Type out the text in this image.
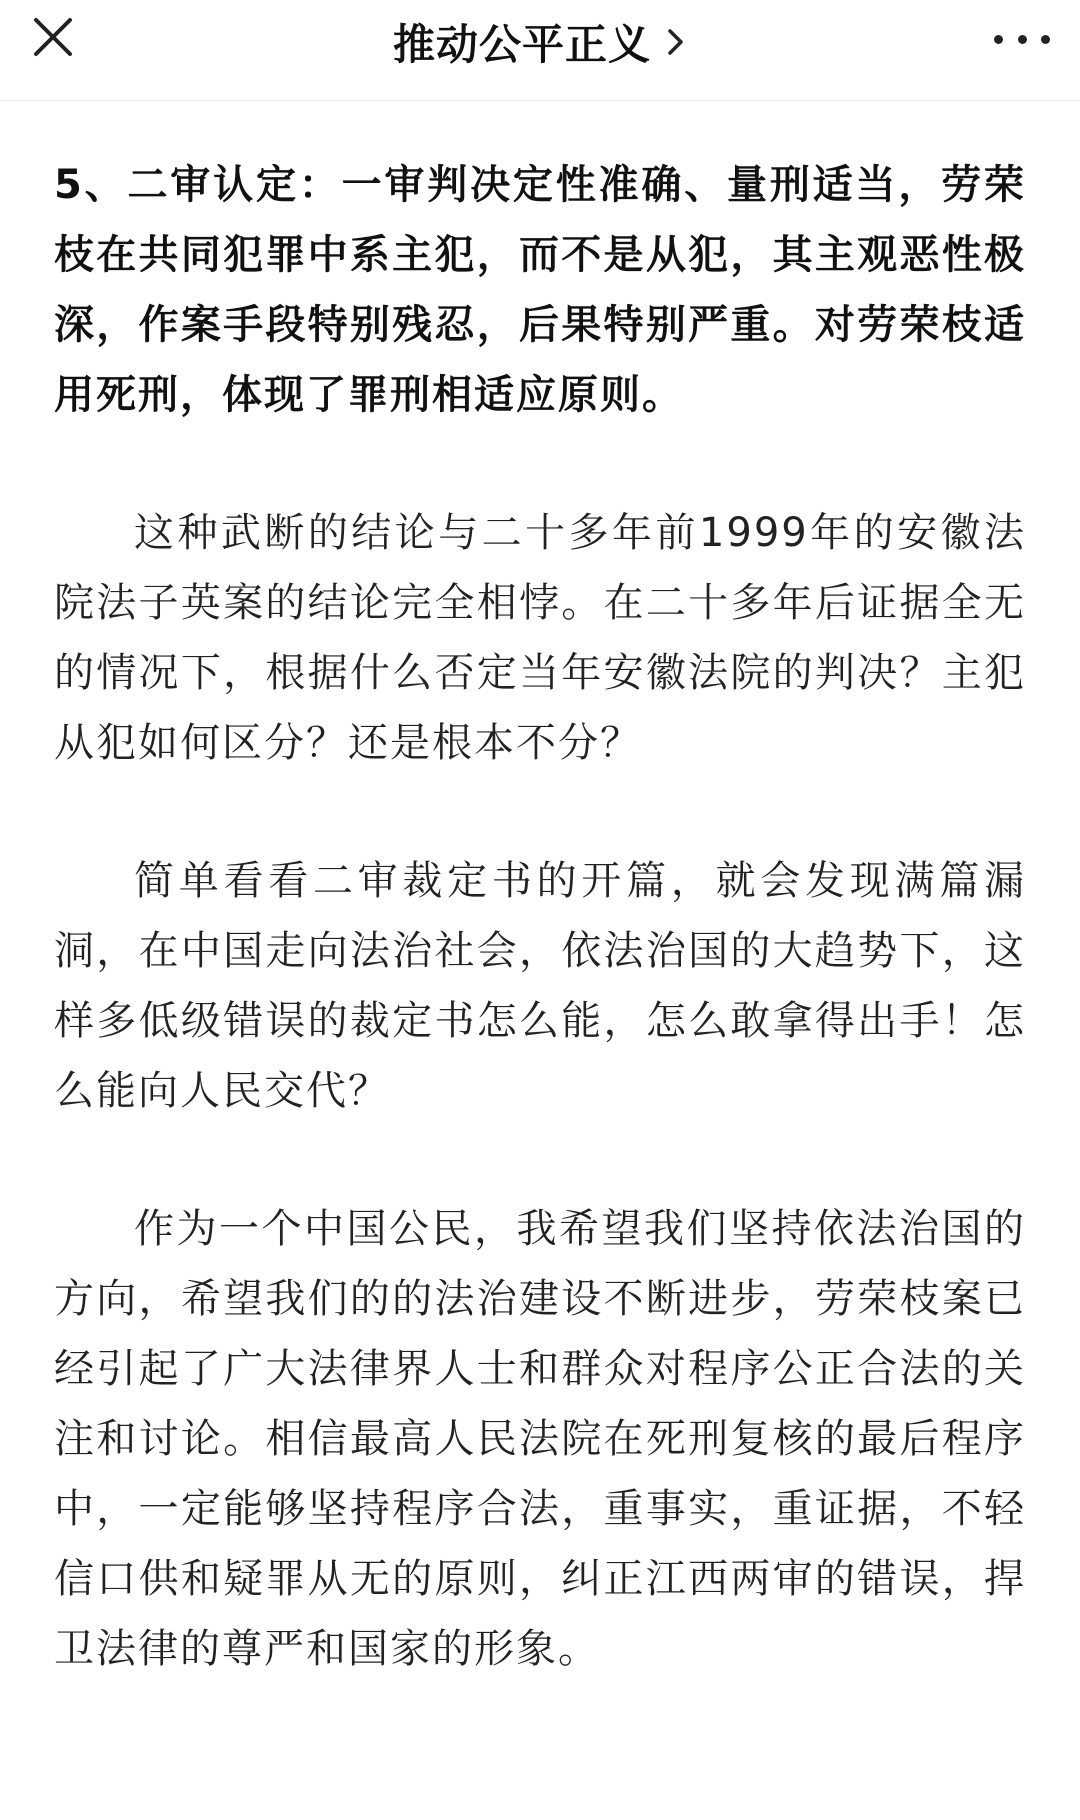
推动公平正义

5、二审认定：一审判决定性准确、量刑适当，劳荣枝在共同犯罪中系主犯，而不是从犯，其主观恶性极深，作案手段特别残忍，后果特别严重。对劳荣枝适用死刑，体现了罪刑相适应原则。

这种武断的结论与二十多年前1999年的安徽法院法子英案的结论完全相悖。在二十多年后证据全无的情况下，根据什么否定当年安徽法院的判决？主犯从犯如何区分？还是根本不分？

简单看看二审裁定书的开篇，就会发现满篇漏洞，在中国走向法治社会，依法治国的大趋势下，这样多低级错误的裁定书怎么能，怎么敢拿得出手！怎么能向人民交代？

作为一个中国公民，我希望我们坚持依法治国的方向，希望我们的的法治建设不断进步，劳荣枝案已经引起了广大法律界人士和群众对程序公正合法的关注和讨论。相信最高人民法院在死刑复核的最后程序中，一定能够坚持程序合法，重事实，重证据，不轻信口供和疑罪从无的原则，纠正江西两审的错误，捍卫法律的尊严和国家的形象。
